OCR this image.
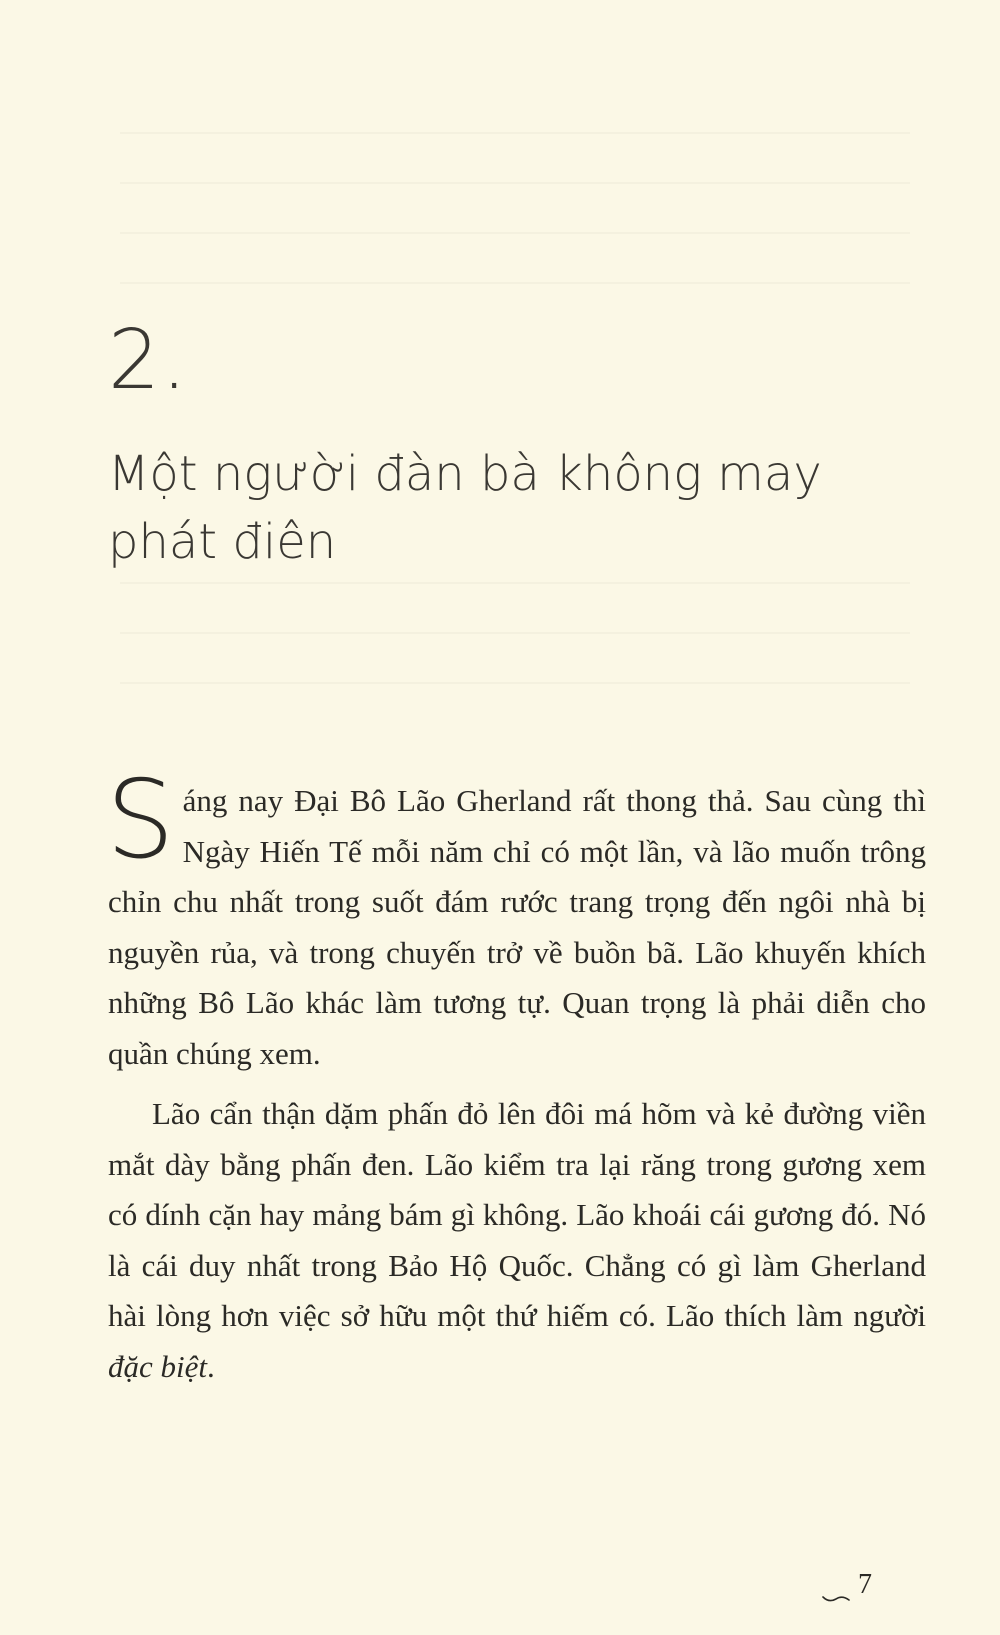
2.
Một người đàn bà không may phát điên

Sáng nay Đại Bô Lão Gherland rất thong thả. Sau cùng thì Ngày Hiến Tế mỗi năm chỉ có một lần, và lão muốn trông chỉn chu nhất trong suốt đám rước trang trọng đến ngôi nhà bị nguyền rủa, và trong chuyến trở về buồn bã. Lão khuyến khích những Bô Lão khác làm tương tự. Quan trọng là phải diễn cho quần chúng xem.

Lão cẩn thận dặm phấn đỏ lên đôi má hõm và kẻ đường viền mắt dày bằng phấn đen. Lão kiểm tra lại răng trong gương xem có dính cặn hay mảng bám gì không. Lão khoái cái gương đó. Nó là cái duy nhất trong Bảo Hộ Quốc. Chẳng có gì làm Gherland hài lòng hơn việc sở hữu một thứ hiếm có. Lão thích làm người đặc biệt.

7
